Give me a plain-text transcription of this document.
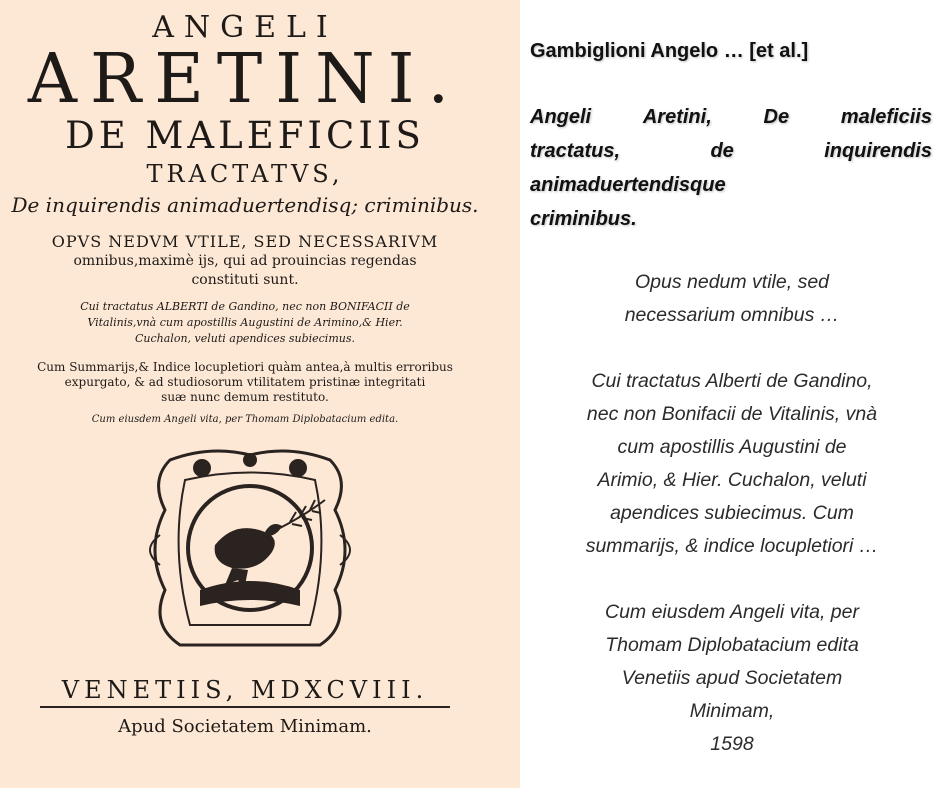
ANGELI
ARETINI.
DE MALEFICIIS
TRACTATVS,
De inquirendis animaduertendisq; criminibus.
OPVS NEDVM VTILE, SED NECESSARIVM
omnibus,maximè ijs, qui ad prouincias regendas
constituti sunt.
Cui tractatus ALBERTI de Gandino, nec non BONIFACII de
Vitalinis,vnà cum apostillis Augustini de Arimino,& Hier.
Cuchalon, veluti apendices subiecimus.
Cum Summarijs,& Indice locupletiori quàm antea,à multis erroribus
expurgato, & ad studiosorum vtilitatem pristinæ integritati
suæ nunc demum restituto.
Cum eiusdem Angeli vita, per Thomam Diplobatacium edita.
VENETIIS, MDXCVIII.
Apud Societatem Minimam.
Gambiglioni Angelo … [et al.]
Angeli	Aretini,	De	maleficiis
tractatus,	de	inquirendis
animaduertendisque
criminibus.
Opus nedum vtile, sed
necessarium omnibus …
Cui tractatus Alberti de Gandino,
nec non Bonifacii de Vitalinis, vnà
cum apostillis Augustini de
Arimio, & Hier. Cuchalon, veluti
apendices subiecimus. Cum
summarijs, & indice locupletiori …
Cum eiusdem Angeli vita, per
Thomam Diplobatacium edita
Venetiis apud Societatem
Minimam,
1598
